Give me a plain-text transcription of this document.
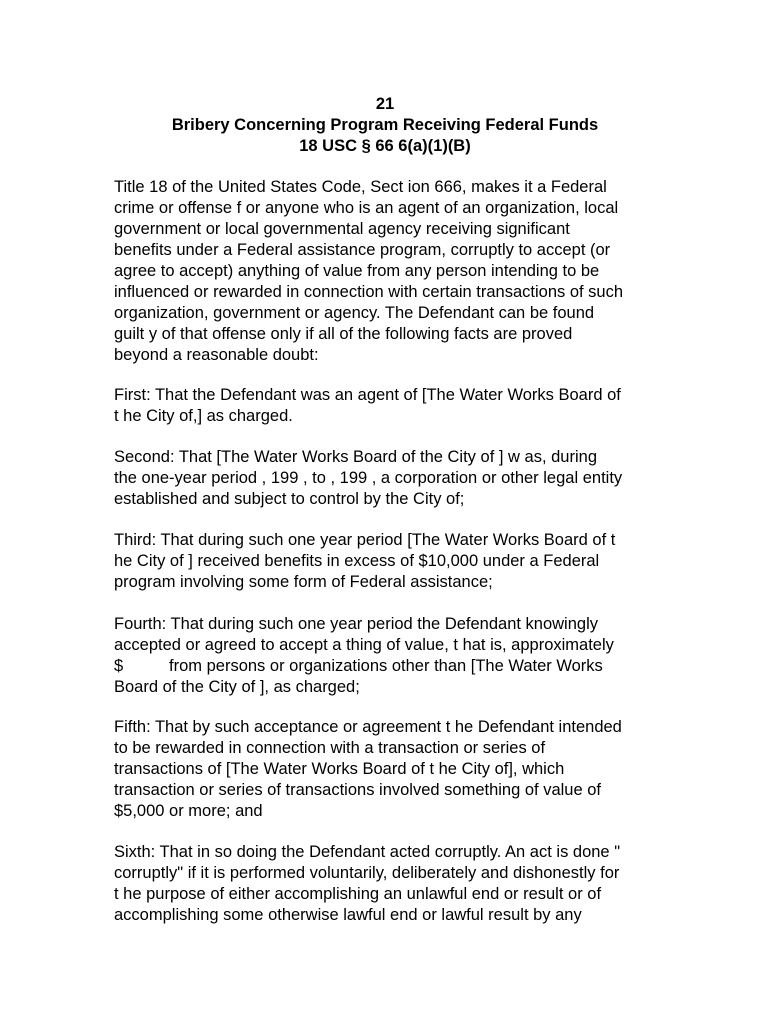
21
Bribery Concerning Program Receiving Federal Funds
18 USC § 66 6(a)(1)(B)
Title 18 of the United States Code, Sect ion 666, makes it a Federal
crime or offense f or anyone who is an agent of an organization, local
government or local governmental agency receiving significant
benefits under a Federal assistance program, corruptly to accept (or
agree to accept) anything of value from any person intending to be
influenced or rewarded in connection with certain transactions of such
organization, government or agency. The Defendant can be found
guilt y of that offense only if all of the following facts are proved
beyond a reasonable doubt:
First: That the Defendant was an agent of [The Water Works Board of
t he City of,] as charged.
Second: That [The Water Works Board of the City of ] w as, during
the one-year period , 199 , to , 199 , a corporation or other legal entity
established and subject to control by the City of;
Third: That during such one year period [The Water Works Board of t
he City of ] received benefits in excess of $10,000 under a Federal
program involving some form of Federal assistance;
Fourth: That during such one year period the Defendant knowingly
accepted or agreed to accept a thing of value, t hat is, approximately
$          from persons or organizations other than [The Water Works
Board of the City of ], as charged;
Fifth: That by such acceptance or agreement t he Defendant intended
to be rewarded in connection with a transaction or series of
transactions of [The Water Works Board of t he City of], which
transaction or series of transactions involved something of value of
$5,000 or more; and
Sixth: That in so doing the Defendant acted corruptly. An act is done "
corruptly" if it is performed voluntarily, deliberately and dishonestly for
t he purpose of either accomplishing an unlawful end or result or of
accomplishing some otherwise lawful end or lawful result by any
